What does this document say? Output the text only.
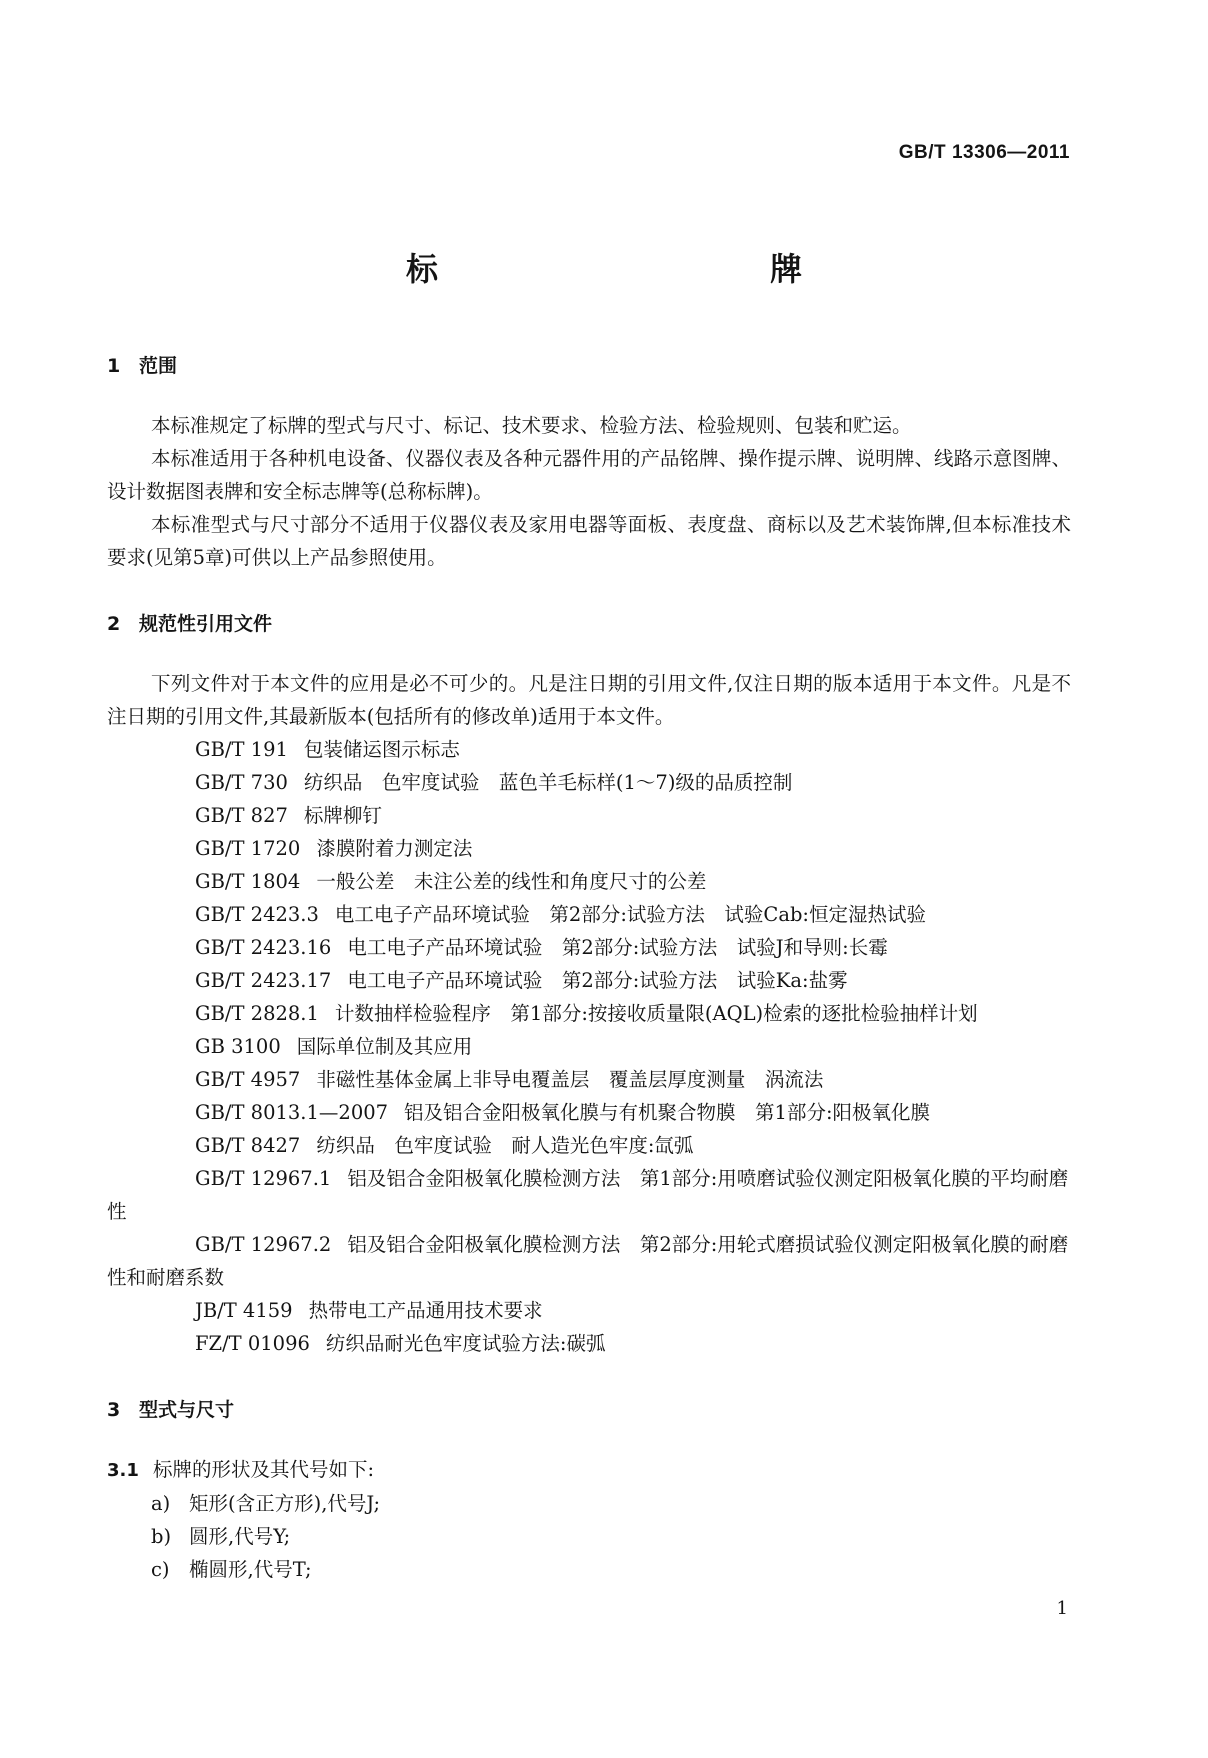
GB/T 13306—2011
标　牌

1 范围

本标准规定了标牌的型式与尺寸、标记、技术要求、检验方法、检验规则、包装和贮运。

本标准适用于各种机电设备、仪器仪表及各种元器件用的产品铭牌、操作提示牌、说明牌、线路示意图牌、设计数据图表牌和安全标志牌等(总称标牌)。

本标准型式与尺寸部分不适用于仪器仪表及家用电器等面板、表度盘、商标以及艺术装饰牌,但本标准技术要求(见第5章)可供以上产品参照使用。

2 规范性引用文件

下列文件对于本文件的应用是必不可少的。凡是注日期的引用文件,仅注日期的版本适用于本文件。凡是不注日期的引用文件,其最新版本(包括所有的修改单)适用于本文件。

GB/T 191 包装储运图示标志

GB/T 730 纺织品　色牢度试验　蓝色羊毛标样(1～7)级的品质控制

GB/T 827 标牌柳钉

GB/T 1720 漆膜附着力测定法

GB/T 1804 一般公差　未注公差的线性和角度尺寸的公差

GB/T 2423.3 电工电子产品环境试验　第2部分:试验方法　试验Cab:恒定湿热试验

GB/T 2423.16 电工电子产品环境试验　第2部分:试验方法　试验J和导则:长霉

GB/T 2423.17 电工电子产品环境试验　第2部分:试验方法　试验Ka:盐雾

GB/T 2828.1 计数抽样检验程序　第1部分:按接收质量限(AQL)检索的逐批检验抽样计划

GB 3100 国际单位制及其应用

GB/T 4957 非磁性基体金属上非导电覆盖层　覆盖层厚度测量　涡流法

GB/T 8013.1—2007 铝及铝合金阳极氧化膜与有机聚合物膜　第1部分:阳极氧化膜

GB/T 8427 纺织品　色牢度试验　耐人造光色牢度:氙弧

GB/T 12967.1 铝及铝合金阳极氧化膜检测方法　第1部分:用喷磨试验仪测定阳极氧化膜的平均耐磨性

GB/T 12967.2 铝及铝合金阳极氧化膜检测方法　第2部分:用轮式磨损试验仪测定阳极氧化膜的耐磨性和耐磨系数

JB/T 4159 热带电工产品通用技术要求

FZ/T 01096 纺织品耐光色牢度试验方法:碳弧

3 型式与尺寸

3.1 标牌的形状及其代号如下:

a) 矩形(含正方形),代号J;

b) 圆形,代号Y;

c) 椭圆形,代号T;

1
